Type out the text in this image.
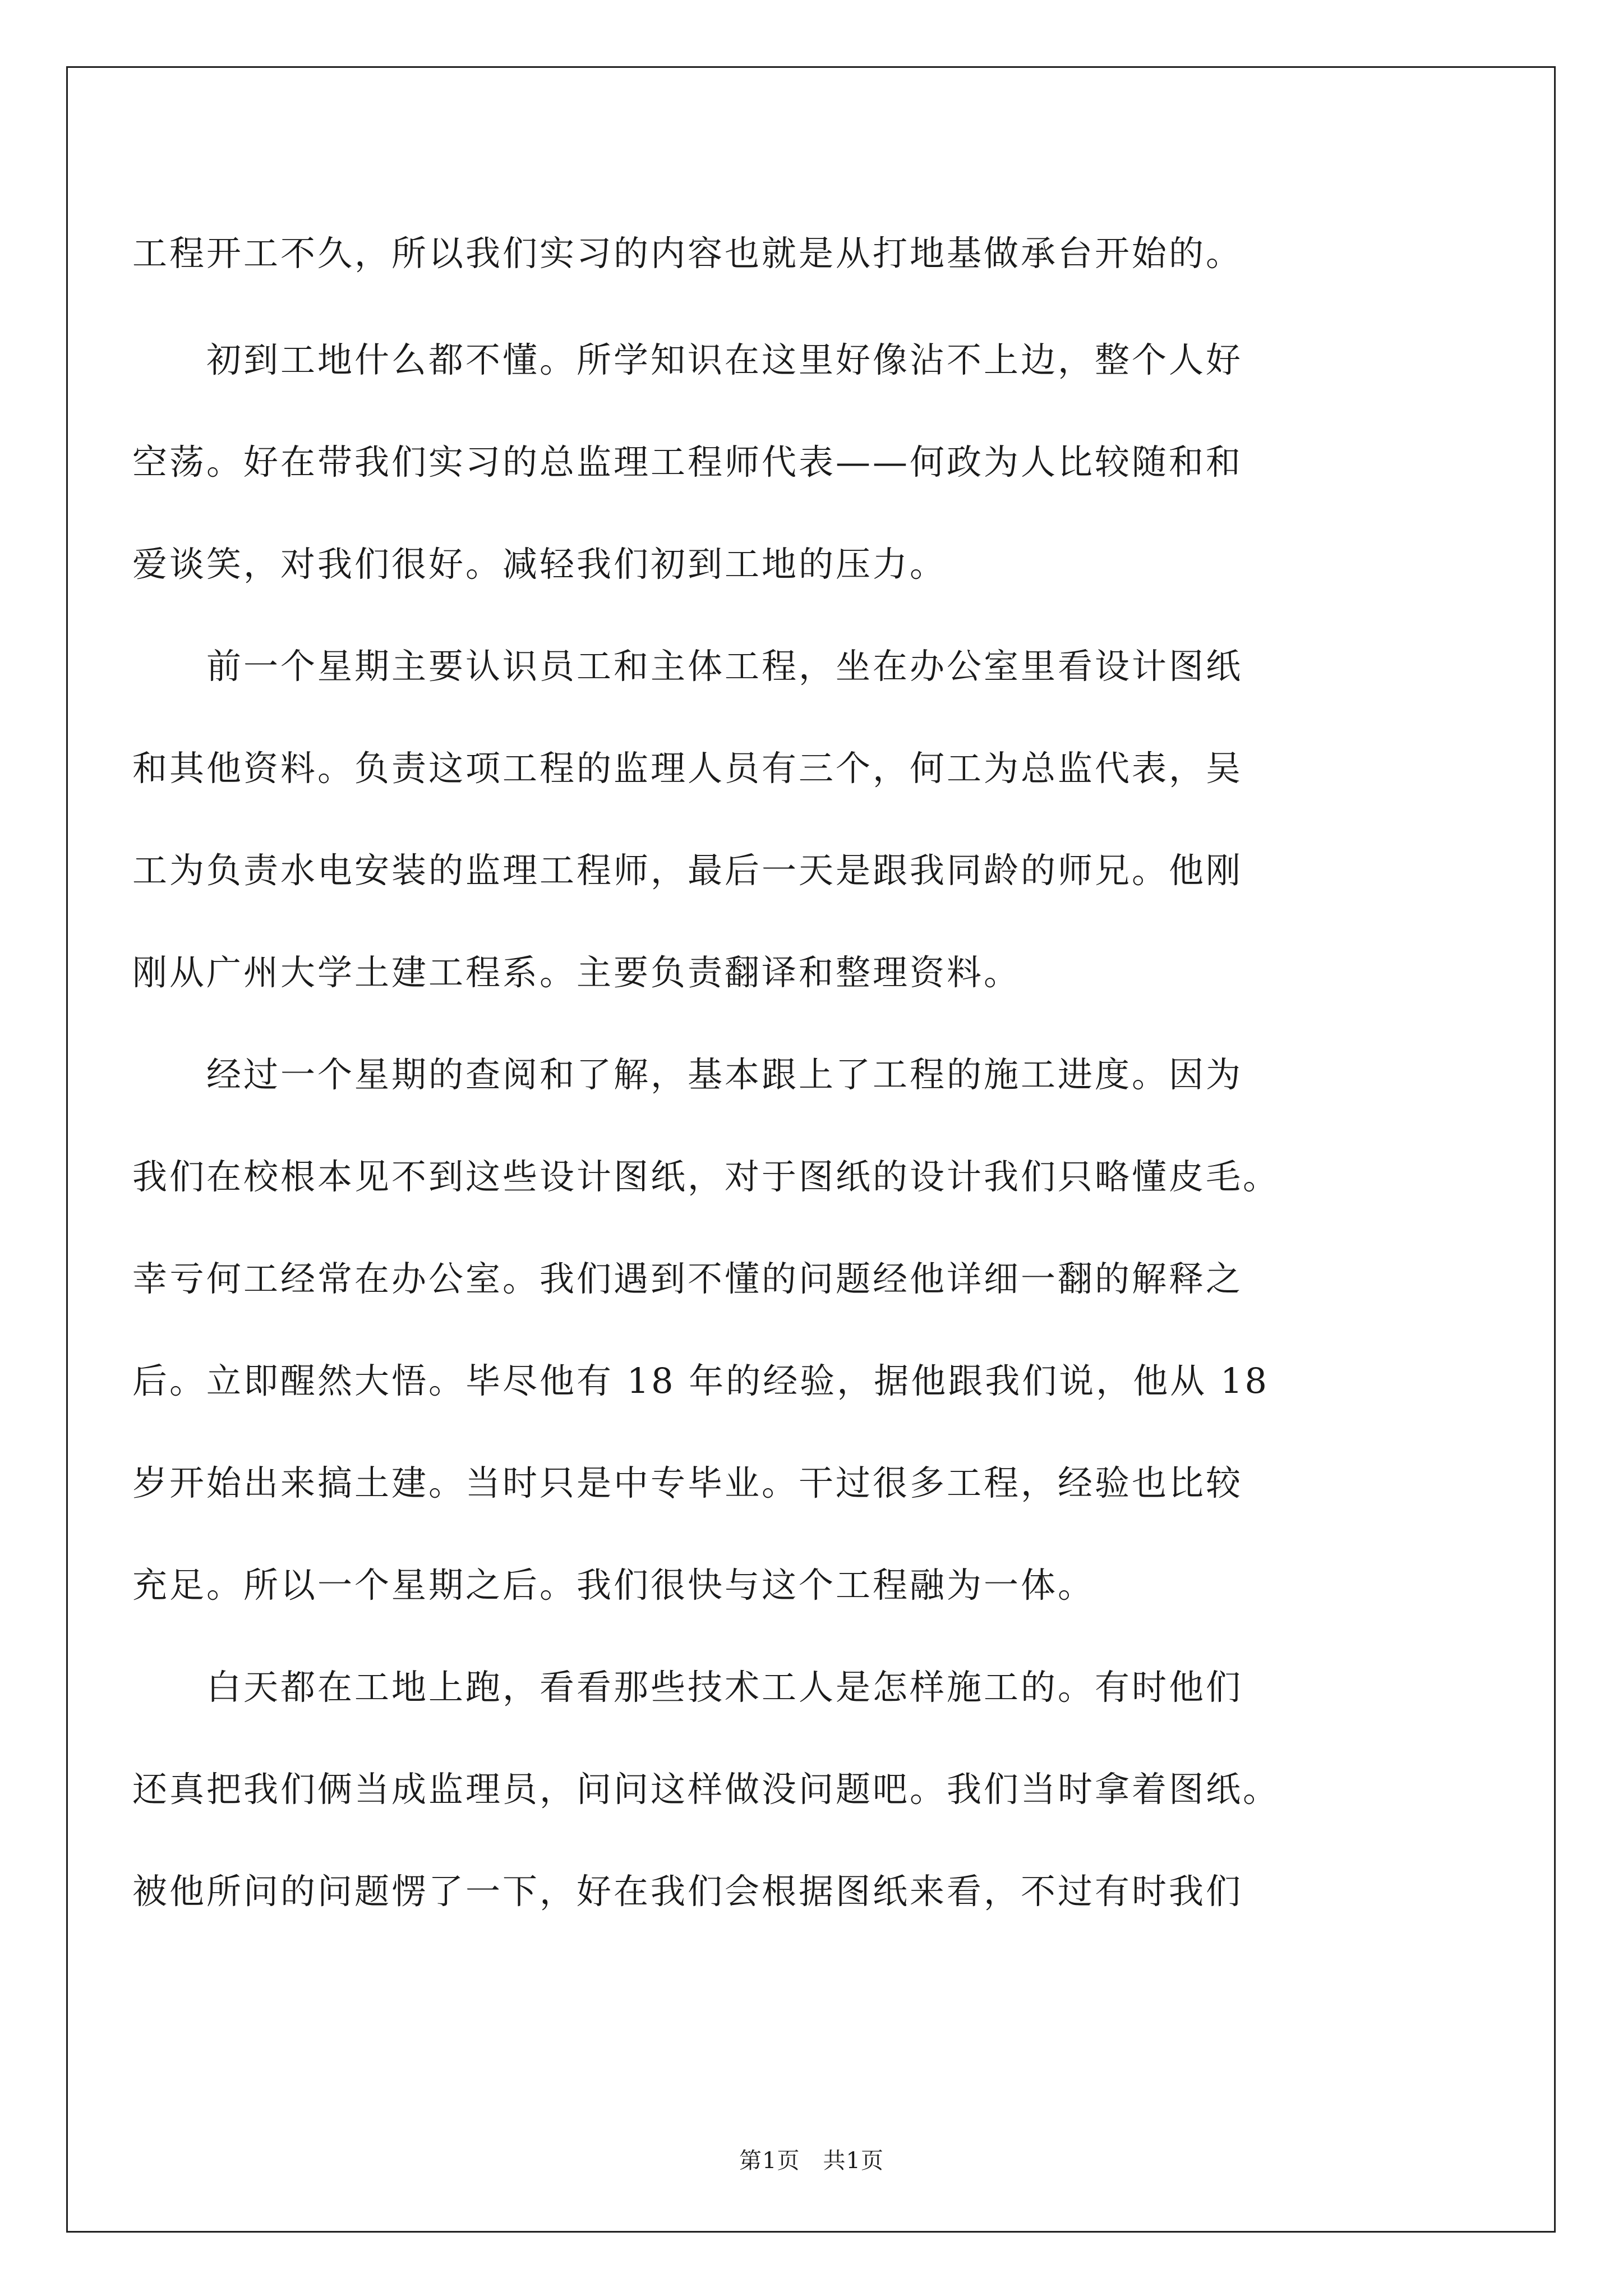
工程开工不久，所以我们实习的内容也就是从打地基做承台开始的。
　　初到工地什么都不懂。所学知识在这里好像沾不上边，整个人好
空荡。好在带我们实习的总监理工程师代表——何政为人比较随和和
爱谈笑，对我们很好。减轻我们初到工地的压力。
　　前一个星期主要认识员工和主体工程，坐在办公室里看设计图纸
和其他资料。负责这项工程的监理人员有三个，何工为总监代表，吴
工为负责水电安装的监理工程师，最后一天是跟我同龄的师兄。他刚
刚从广州大学土建工程系。主要负责翻译和整理资料。
　　经过一个星期的查阅和了解，基本跟上了工程的施工进度。因为
我们在校根本见不到这些设计图纸，对于图纸的设计我们只略懂皮毛。
幸亏何工经常在办公室。我们遇到不懂的问题经他详细一翻的解释之
后。立即醒然大悟。毕尽他有 18 年的经验，据他跟我们说，他从 18
岁开始出来搞土建。当时只是中专毕业。干过很多工程，经验也比较
充足。所以一个星期之后。我们很快与这个工程融为一体。
　　白天都在工地上跑，看看那些技术工人是怎样施工的。有时他们
还真把我们俩当成监理员，问问这样做没问题吧。我们当时拿着图纸。
被他所问的问题愣了一下，好在我们会根据图纸来看，不过有时我们
第1页　共1页
